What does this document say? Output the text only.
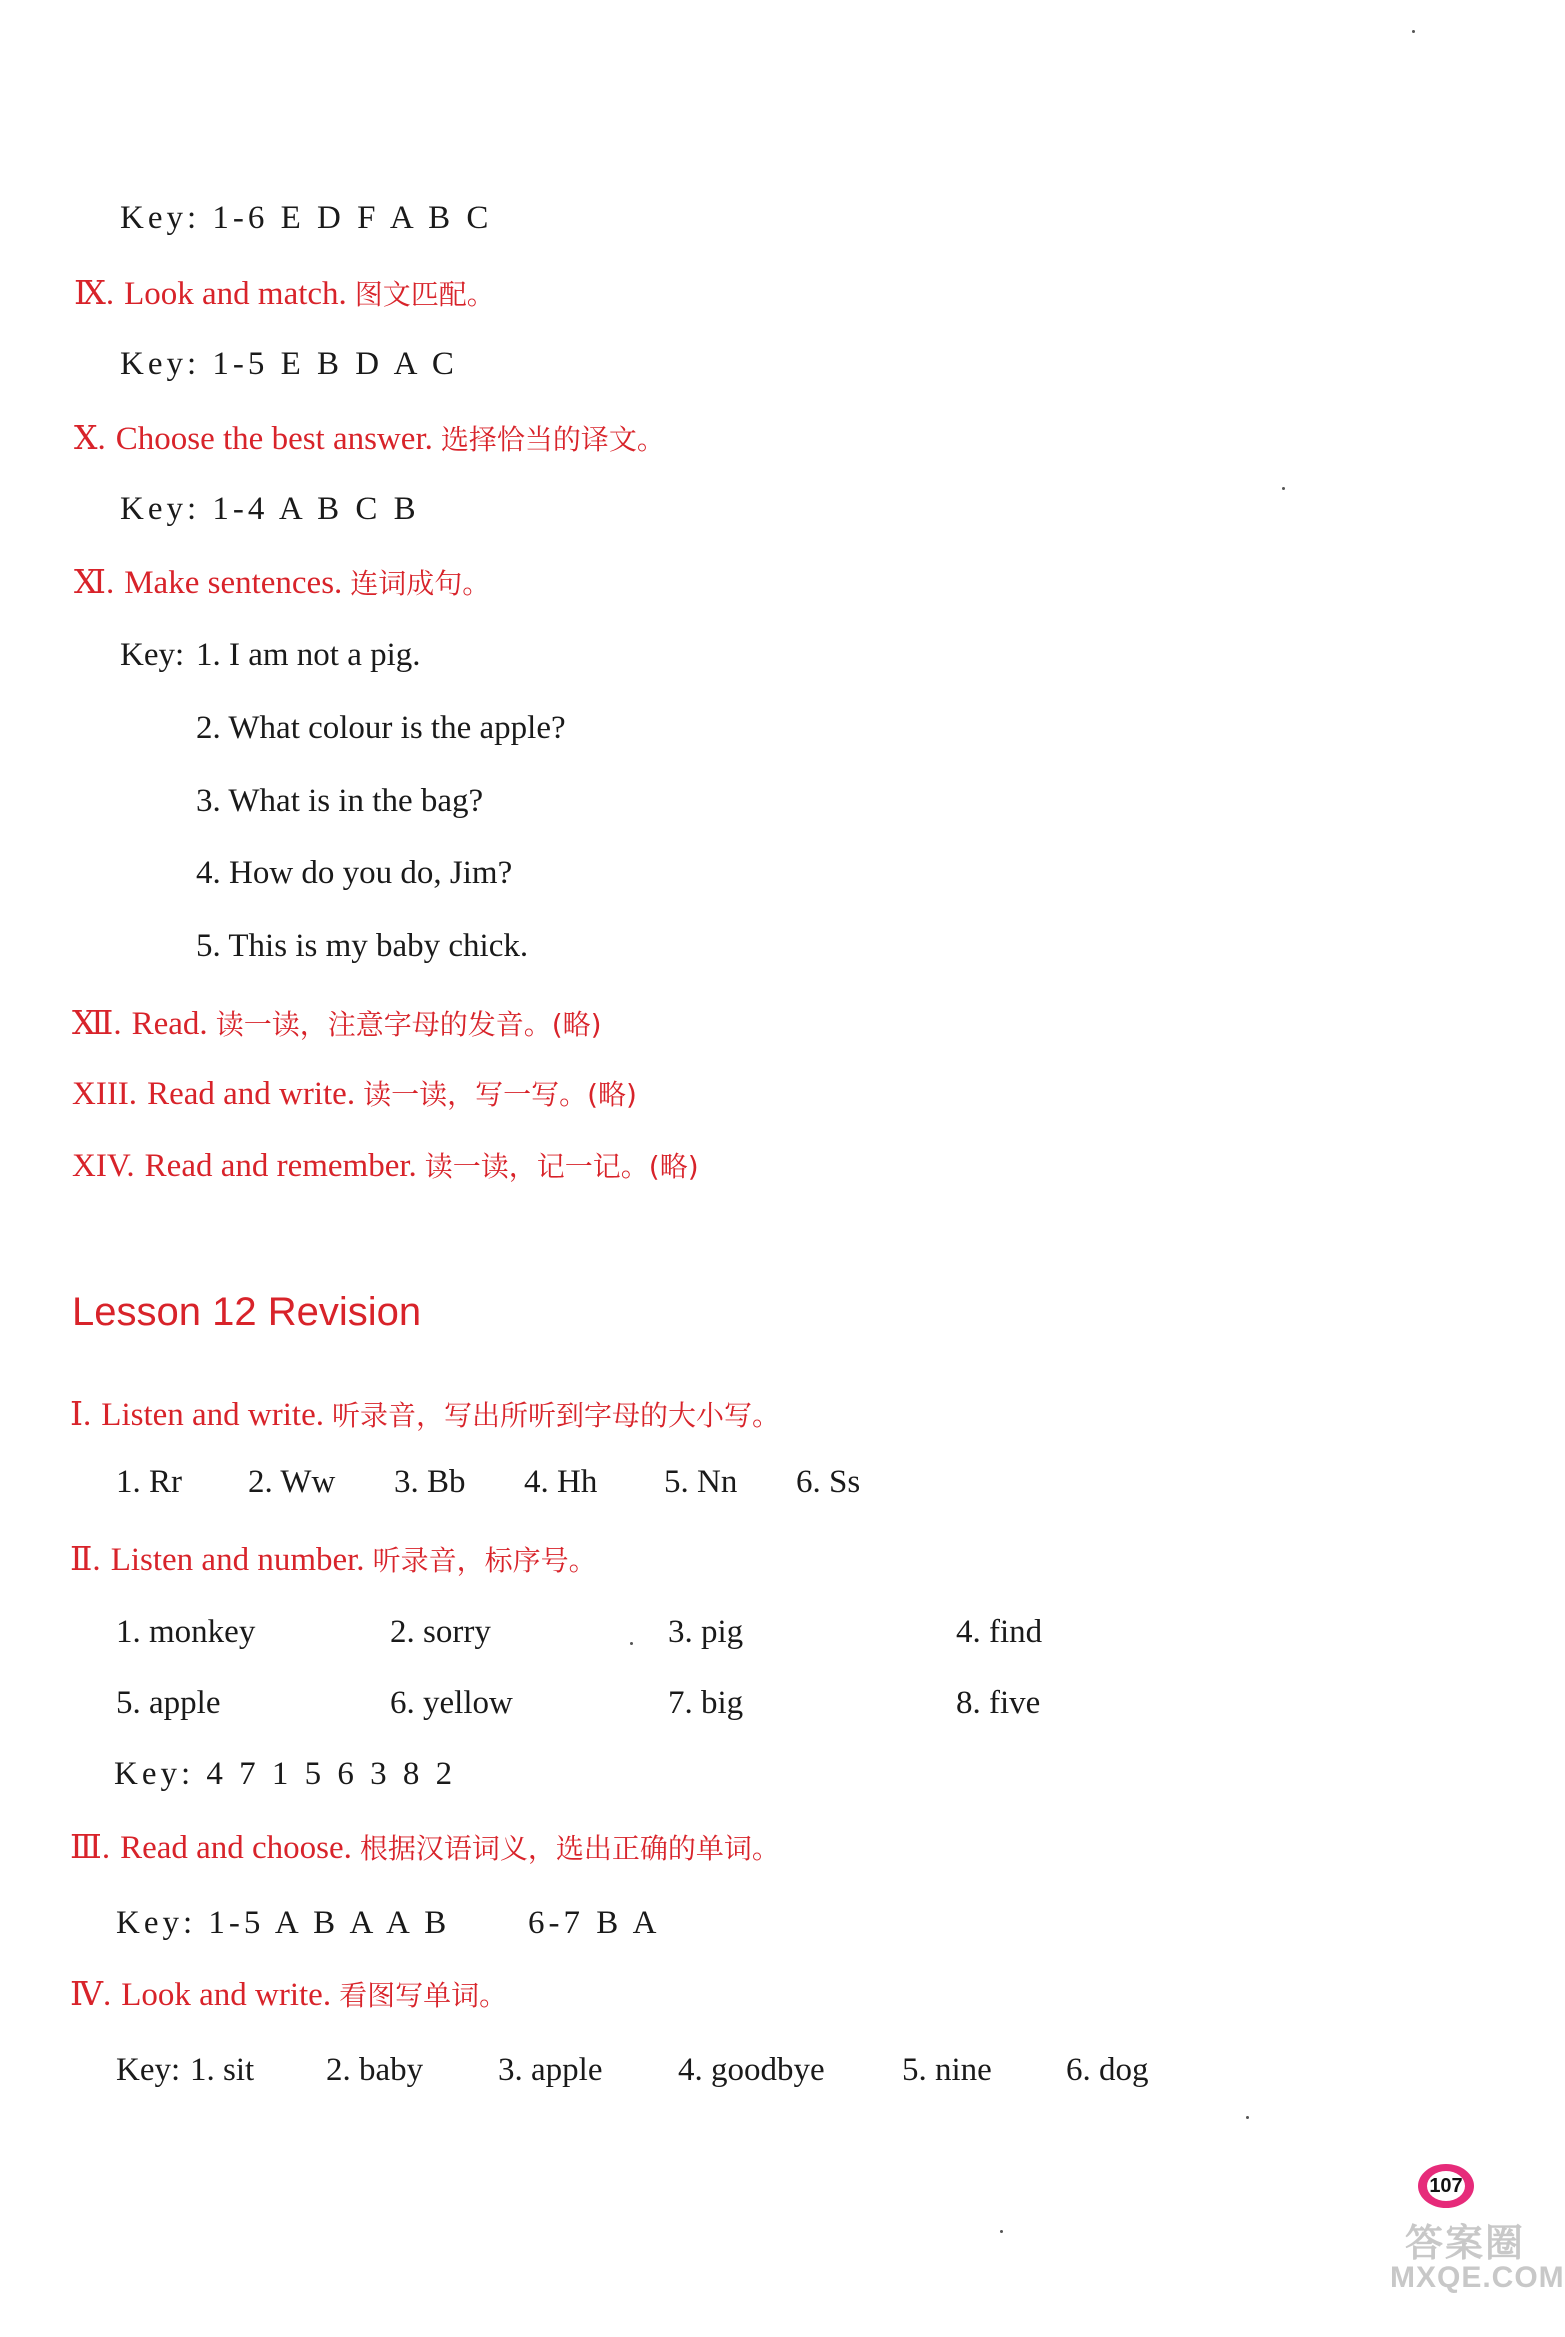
Key: 1-6 E D F A B C
Ⅸ. Look and match. 图文匹配。
Key: 1-5 E B D A C
Ⅹ. Choose the best answer. 选择恰当的译文。
Key: 1-4 A B C B
Ⅺ. Make sentences. 连词成句。
Key: 1. I am not a pig.
2. What colour is the apple?
3. What is in the bag?
4. How do you do, Jim?
5. This is my baby chick.
Ⅻ. Read. 读一读，注意字母的发音。(略)
XIII. Read and write. 读一读，写一写。(略)
XIV. Read and remember. 读一读，记一记。(略)
Lesson 12 Revision
Ⅰ. Listen and write. 听录音，写出所听到字母的大小写。
1. Rr 2. Ww 3. Bb 4. Hh 5. Nn 6. Ss
Ⅱ. Listen and number. 听录音，标序号。
1. monkey	2. sorry	3. pig	4. find
5. apple	6. yellow	7. big	8. five
Key: 4 7 1 5 6 3 8 2
Ⅲ. Read and choose. 根据汉语词义，选出正确的单词。
Key: 1-5 A B A A B 6-7 B A
Ⅳ. Look and write. 看图写单词。
Key: 1. sit 2. baby 3. apple 4. goodbye 5. nine 6. dog
107
答案圈
MXQE.COM
